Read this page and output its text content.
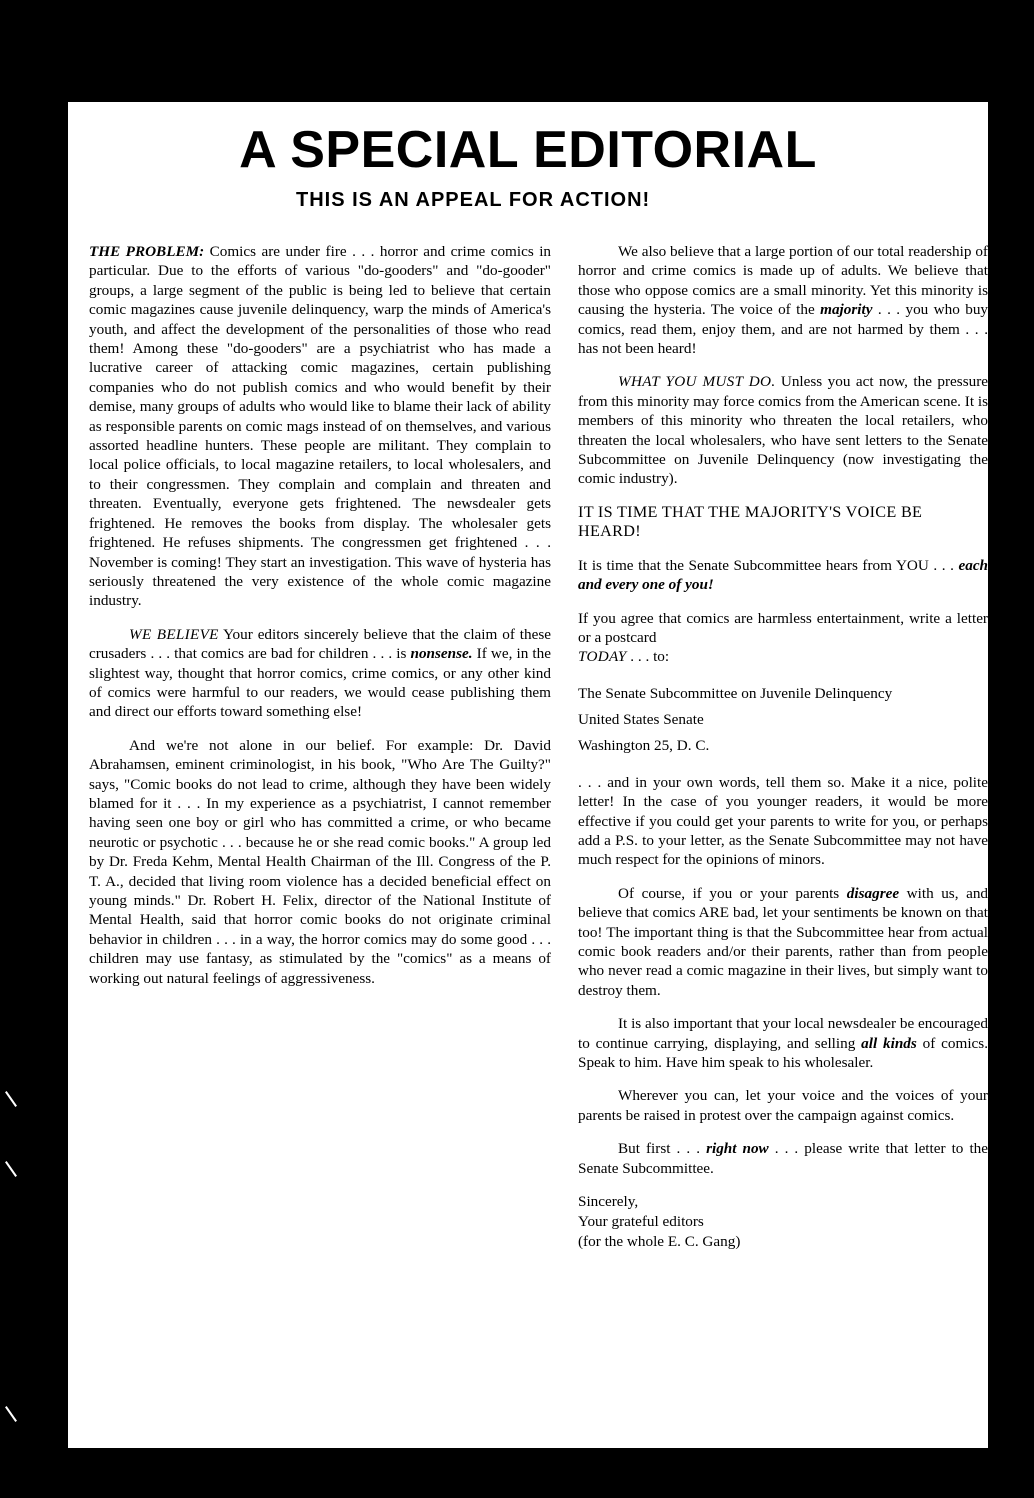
A SPECIAL EDITORIAL
THIS IS AN APPEAL FOR ACTION!

THE PROBLEM: Comics are under fire . . . horror and crime comics in particular. Due to the efforts of various "do-gooders" and "do-gooder" groups, a large segment of the public is being led to believe that certain comic magazines cause juvenile delinquency, warp the minds of America's youth, and affect the development of the personalities of those who read them! Among these "do-gooders" are a psychiatrist who has made a lucrative career of attacking comic magazines, certain publishing companies who do not publish comics and who would benefit by their demise, many groups of adults who would like to blame their lack of ability as responsible parents on comic mags instead of on themselves, and various assorted headline hunters. These people are militant. They complain to local police officials, to local magazine retailers, to local wholesalers, and to their congressmen. They complain and complain and threaten and threaten. Eventually, everyone gets frightened. The newsdealer gets frightened. He removes the books from display. The wholesaler gets frightened. He refuses shipments. The congressmen get frightened . . . November is coming! They start an investigation. This wave of hysteria has seriously threatened the very existence of the whole comic magazine industry.

WE BELIEVE Your editors sincerely believe that the claim of these crusaders . . . that comics are bad for children . . . is nonsense. If we, in the slightest way, thought that horror comics, crime comics, or any other kind of comics were harmful to our readers, we would cease publishing them and direct our efforts toward something else!

And we're not alone in our belief. For example: Dr. David Abrahamsen, eminent criminologist, in his book, "Who Are The Guilty?" says, "Comic books do not lead to crime, although they have been widely blamed for it . . . In my experience as a psychiatrist, I cannot remember having seen one boy or girl who has committed a crime, or who became neurotic or psychotic . . . because he or she read comic books." A group led by Dr. Freda Kehm, Mental Health Chairman of the Ill. Congress of the P. T. A., decided that living room violence has a decided beneficial effect on young minds." Dr. Robert H. Felix, director of the National Institute of Mental Health, said that horror comic books do not originate criminal behavior in children . . . in a way, the horror comics may do some good . . . children may use fantasy, as stimulated by the "comics" as a means of working out natural feelings of aggressiveness.

We also believe that a large portion of our total readership of horror and crime comics is made up of adults. We believe that those who oppose comics are a small minority. Yet this minority is causing the hysteria. The voice of the majority . . . you who buy comics, read them, enjoy them, and are not harmed by them . . . has not been heard!

WHAT YOU MUST DO. Unless you act now, the pressure from this minority may force comics from the American scene. It is members of this minority who threaten the local retailers, who threaten the local wholesalers, who have sent letters to the Senate Subcommittee on Juvenile Delinquency (now investigating the comic industry).

IT IS TIME THAT THE MAJORITY'S VOICE BE HEARD!

It is time that the Senate Subcommittee hears from YOU . . . each and every one of you!

If you agree that comics are harmless entertainment, write a letter or a postcard
TODAY . . . to:

The Senate Subcommittee on Juvenile Delinquency
United States Senate
Washington 25, D. C.

. . . and in your own words, tell them so. Make it a nice, polite letter! In the case of you younger readers, it would be more effective if you could get your parents to write for you, or perhaps add a P.S. to your letter, as the Senate Subcommittee may not have much respect for the opinions of minors.

Of course, if you or your parents disagree with us, and believe that comics ARE bad, let your sentiments be known on that too! The important thing is that the Subcommittee hear from actual comic book readers and/or their parents, rather than from people who never read a comic magazine in their lives, but simply want to destroy them.

It is also important that your local newsdealer be encouraged to continue carrying, displaying, and selling all kinds of comics. Speak to him. Have him speak to his wholesaler.

Wherever you can, let your voice and the voices of your parents be raised in protest over the campaign against comics.

But first . . . right now . . . please write that letter to the Senate Subcommittee.

Sincerely,
Your grateful editors
(for the whole E. C. Gang)
